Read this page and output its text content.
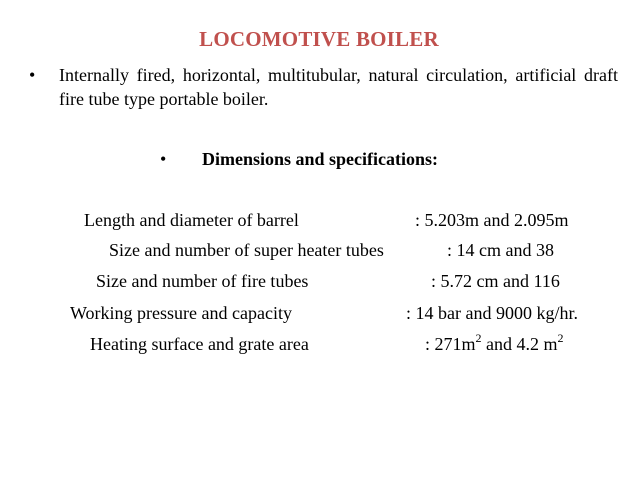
LOCOMOTIVE BOILER
• Internally fired, horizontal, multitubular, natural circulation, artificial draft fire tube type portable boiler.
• Dimensions and specifications:
Length and diameter of barrel	: 5.203m and 2.095m
Size and number of super heater tubes	: 14 cm and 38
Size and number of fire tubes	: 5.72 cm and 116
Working pressure and capacity	: 14 bar and 9000 kg/hr.
Heating surface and grate area	: $271m^2$ and 4.2 $m^2$
